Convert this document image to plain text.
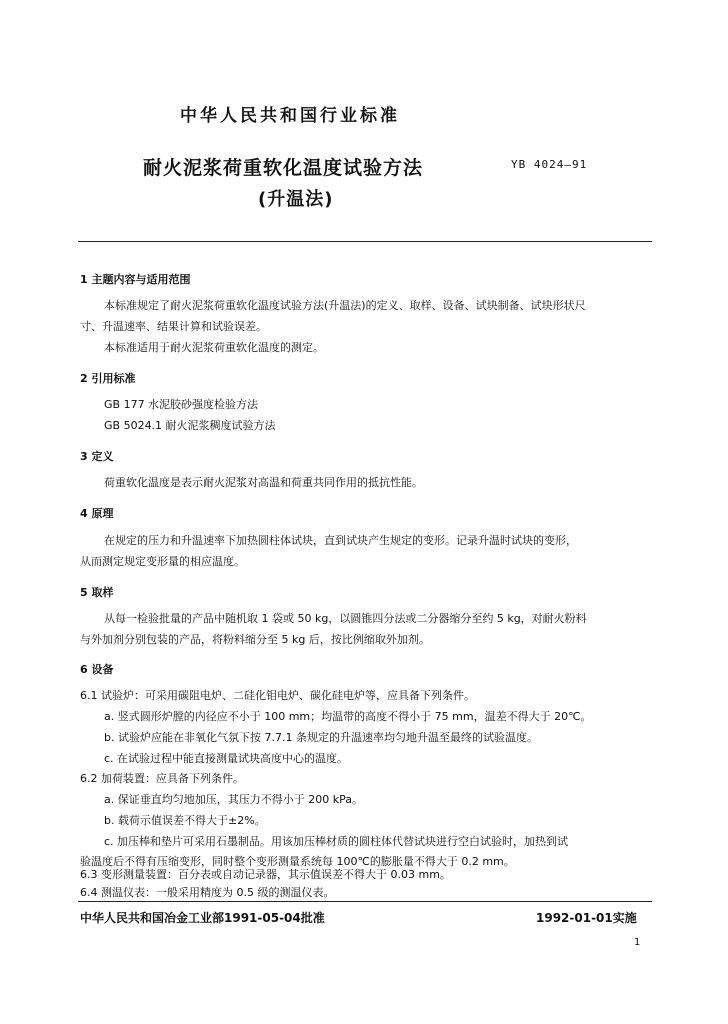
中华人民共和国行业标准
耐火泥浆荷重软化温度试验方法
(升温法)
YB 4024—91
1 主题内容与适用范围
本标准规定了耐火泥浆荷重软化温度试验方法(升温法)的定义、取样、设备、试块制备、试块形状尺
寸、升温速率、结果计算和试验误差。
本标准适用于耐火泥浆荷重软化温度的测定。
2 引用标准
GB 177 水泥胶砂强度检验方法
GB 5024.1 耐火泥浆稠度试验方法
3 定义
荷重软化温度是表示耐火泥浆对高温和荷重共同作用的抵抗性能。
4 原理
在规定的压力和升温速率下加热圆柱体试块，直到试块产生规定的变形。记录升温时试块的变形，
从而测定规定变形量的相应温度。
5 取样
从每一检验批量的产品中随机取 1 袋或 50 kg，以圆锥四分法或二分器缩分至约 5 kg，对耐火粉料
与外加剂分别包装的产品，将粉料缩分至 5 kg 后，按比例缩取外加剂。
6 设备
6.1 试验炉：可采用碳阻电炉、二硅化钼电炉、碳化硅电炉等，应具备下列条件。
a. 竖式圆形炉膛的内径应不小于 100 mm；均温带的高度不得小于 75 mm，温差不得大于 20℃。
b. 试验炉应能在非氧化气氛下按 7.7.1 条规定的升温速率均匀地升温至最终的试验温度。
c. 在试验过程中能直接测量试块高度中心的温度。
6.2 加荷装置：应具备下列条件。
a. 保证垂直均匀地加压，其压力不得小于 200 kPa。
b. 载荷示值误差不得大于±2%。
c. 加压棒和垫片可采用石墨制品。用该加压棒材质的圆柱体代替试块进行空白试验时，加热到试
验温度后不得有压缩变形，同时整个变形测量系统每 100℃的膨胀量不得大于 0.2 mm。
6.3 变形测量装置：百分表或自动记录器，其示值误差不得大于 0.03 mm。
中华人民共和国冶金工业部1991-05-04批准	1992-01-01实施
1
6.4 测温仪表：一般采用精度为 0.5 级的测温仪表。
